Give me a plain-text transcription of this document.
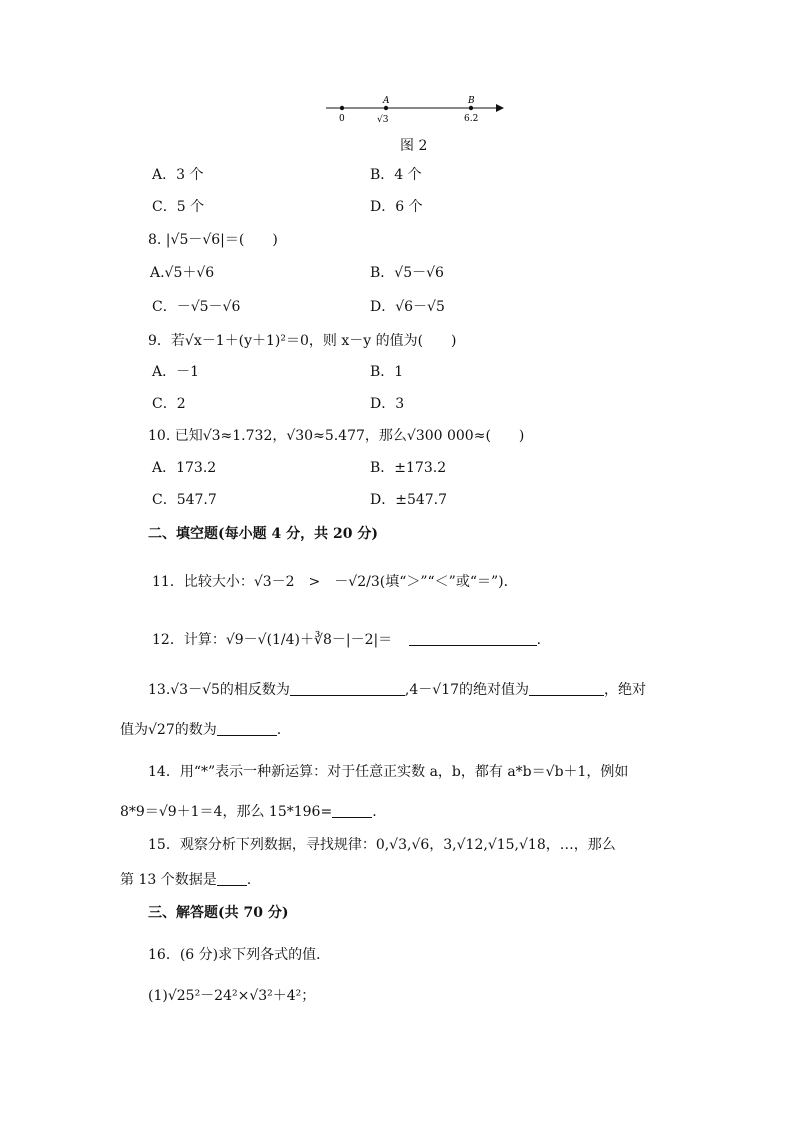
0
A
√3
B
6.2
图 2
A．3 个	B．4 个
C．5 个	D．6 个
8. |√5－√6|＝(　　)
A.√5＋√6	B．√5－√6
C．－√5－√6	D．√6－√5
9．若√x－1＋(y＋1)²＝0，则 x－y 的值为(　　)
A．－1	B．1
C．2	D．3
10. 已知√3≈1.732，√30≈5.477，那么√300 000≈(　　)
A．173.2	B．±173.2
C．547.7	D．±547.7
二、填空题(每小题 4 分，共 20 分)
11．比较大小：√3－2　>　－√2/3(填“＞”“＜”或“＝”)．
12．计算：√9－√(1/4)＋∛8－|－2|＝	.
13.√3－√5的相反数为	,4－√17的绝对值为	，绝对
值为√27的数为	.
14．用“*”表示一种新运算：对于任意正实数 a，b，都有 a*b＝√b＋1，例如
8*9＝√9＋1＝4，那么 15*196=	.
15．观察分析下列数据，寻找规律：0,√3,√6，3,√12,√15,√18，…，那么
第 13 个数据是 .
三、解答题(共 70 分)
16．(6 分)求下列各式的值．
(1)√25²－24²×√3²＋4²；
